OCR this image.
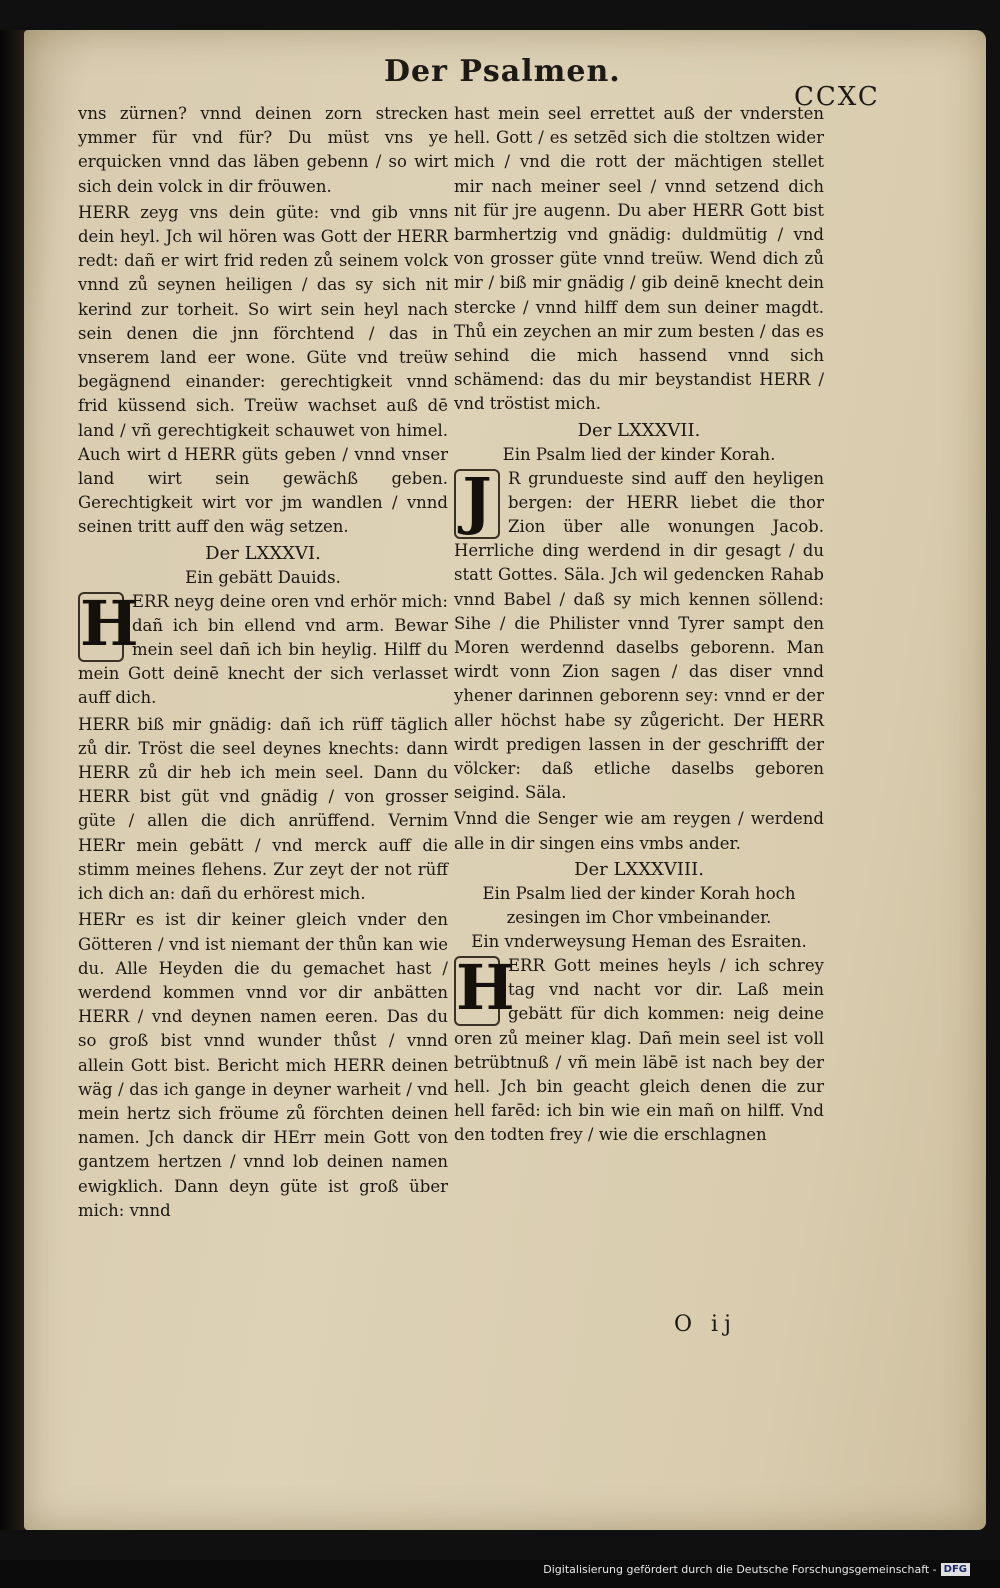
Der Psalmen.
CCXC

vns zürnen? vnnd deinen zorn strecken ymmer für vnd für? Du müst vns ye erquicken vnnd das läben gebenn / so wirt sich dein volck in dir fröuwen.

HERR zeyg vns dein güte: vnd gib vnns dein heyl. Jch wil hören was Gott der HERR redt: dañ er wirt frid reden zů seinem volck vnnd zů seynen heiligen / das sy sich nit kerind zur torheit. So wirt sein heyl nach sein denen die jnn förchtend / das in vnserem land eer wone. Güte vnd treüw begägnend einander: gerechtigkeit vnnd frid küssend sich. Treüw wachset auß dē land / vñ gerechtigkeit schauwet von himel. Auch wirt d HERR güts geben / vnnd vnser land wirt sein gewächß geben. Gerechtigkeit wirt vor jm wandlen / vnnd seinen tritt auff den wäg setzen.

Der LXXXVI.
Ein gebätt Dauids.

H
ERR neyg deine oren vnd erhör mich: dañ ich bin ellend vnd arm. Bewar mein seel dañ ich bin heylig. Hilff du mein Gott deinē knecht der sich verlasset auff dich.

HERR biß mir gnädig: dañ ich rüff täglich zů dir. Tröst die seel deynes knechts: dann HERR zů dir heb ich mein seel. Dann du HERR bist güt vnd gnädig / von grosser güte / allen die dich anrüffend. Vernim HERr mein gebätt / vnd merck auff die stimm meines flehens. Zur zeyt der not rüff ich dich an: dañ du erhörest mich.

HERr es ist dir keiner gleich vnder den Götteren / vnd ist niemant der thůn kan wie du. Alle Heyden die du gemachet hast / werdend kommen vnnd vor dir anbätten HERR / vnd deynen namen eeren. Das du so groß bist vnnd wunder thůst / vnnd allein Gott bist. Bericht mich HERR deinen wäg / das ich gange in deyner warheit / vnd mein hertz sich fröume zů förchten deinen namen. Jch danck dir HErr mein Gott von gantzem hertzen / vnnd lob deinen namen ewigklich. Dann deyn güte ist groß über mich: vnnd

hast mein seel errettet auß der vndersten hell. Gott / es setzēd sich die stoltzen wider mich / vnd die rott der mächtigen stellet mir nach meiner seel / vnnd setzend dich nit für jre augenn. Du aber HERR Gott bist barmhertzig vnd gnädig: duldmütig / vnd von grosser güte vnnd treüw. Wend dich zů mir / biß mir gnädig / gib deinē knecht dein stercke / vnnd hilff dem sun deiner magdt. Thů ein zeychen an mir zum besten / das es sehind die mich hassend vnnd sich schämend: das du mir beystandist HERR / vnd tröstist mich.

Der LXXXVII.
Ein Psalm lied der kinder Korah.

J R grundueste sind auff den heyligen bergen: der HERR liebet die thor Zion über alle wonungen Jacob. Herrliche ding werdend in dir gesagt / du statt Gottes. Säla. Jch wil gedencken Rahab vnnd Babel / daß sy mich kennen söllend: Sihe / die Philister vnnd Tyrer sampt den Moren werdennd daselbs geborenn. Man wirdt vonn Zion sagen / das diser vnnd yhener darinnen geborenn sey: vnnd er der aller höchst habe sy zůgericht. Der HERR wirdt predigen lassen in der geschrifft der völcker: daß etliche daselbs geboren seigind. Säla.

Vnnd die Senger wie am reygen / werdend alle in dir singen eins vmbs ander.

Der LXXXVIII.
Ein Psalm lied der kinder Korah hoch zesingen im Chor vmbeinander.
Ein vnderweysung Heman des Esraiten.

H
ERR Gott meines heyls / ich schrey tag vnd nacht vor dir. Laß mein gebätt für dich kommen: neig deine oren zů meiner klag. Dañ mein seel ist voll betrübtnuß / vñ mein läbē ist nach bey der hell. Jch bin geacht gleich denen die zur hell farēd: ich bin wie ein mañ on hilff. Vnd den todten frey / wie die erschlagnen

O ij
Digitalisierung gefördert durch die Deutsche Forschungsgemeinschaft - DFG
